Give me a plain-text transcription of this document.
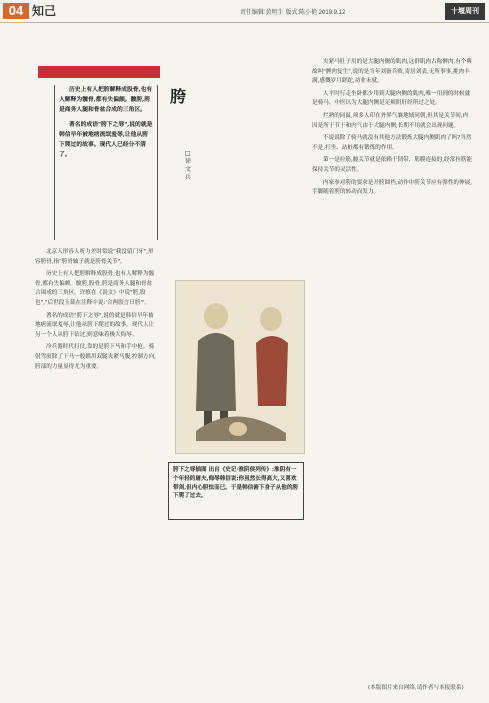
04 知己	责任编辑:黄明生 版式:陈小艳 2019.9.12	十堰周刊

历史上有人把胯解释成股骨,也有人解释为髋骨,都有失偏颇。髋胯,胯是商务人腿和骨盆合成的三角区。

著名的成语"胯下之辱",说的就是韩信早年被地痞流氓羞辱,让他从胯下爬过的故事。现代人已经分不清了。

胯
□徐文兵

北京人形容人听力差时常说"我没留门牙",形容胯骨,指"胯骨轴子就是胯骨关节"。

历史上有人把胯解释成股骨,也有人解释为髋骨,都有失偏颇。髋胯,股骨,胯是商务人腿和骨盆合围成的三角区。许慎在《说文》中说"胯,股也","后世段玉裁在注释中说:'合两股言曰胯'"。

著名的成语"胯下之辱",说的就是韩信早年被地痞流氓羞辱,让他从胯下爬过的故事。现代人让另一个人从胯下钻过,则意味着极大侮辱。

冷兵器时代打仗,靠的是胯下马和手中枪。骑射驾驭除了下马一般都用双腿夹紧马腹,控制方向,胯部的力量显得尤为重要。

胯下之辱插图 出自《史记·淮阴侯列传》:淮阴有一个年轻的屠夫,侮辱韩信说:你虽然长得高大,又喜欢带剑,但内心胆怯而已。于是韩信俯下身子从他的胯下爬了过去。

夹紧马肚子用的是大腿内侧的肌肉,这群肌肉古称髀肉,有个典故叫"髀肉复生",说的是当年刘备兵败,寄居刘表,无所事事,挑肉丰满,感慨岁月蹉跎,功业未就。

人平时行走坐卧都少用到大腿内侧的肌肉,唯一用到的时候就是骑马。中医认为大腿内侧是足厥阴肝经所过之处。

烂熟的同鼠,须多人印在外界气襄地域同朝,但其是关节间,内因是所于节于和内气由于大腿内侧,长期不用就会出现问题。

不说说除了骑马就没有其他方法锻炼大腿内侧肌肉了吗?当然不是,打坐、站桩都有锻炼的作用。

第一是拉筋,髋关节就是依赖于韧带、筋膜连接的,经常拉筋能保持关节的灵活性。

内家拳对胯的要求是开胯圆裆,动作中胯关节应有弹性的伸展,手脚随着胯的转动而发力。

(本版图片来自网络,请作者与本报联系)
